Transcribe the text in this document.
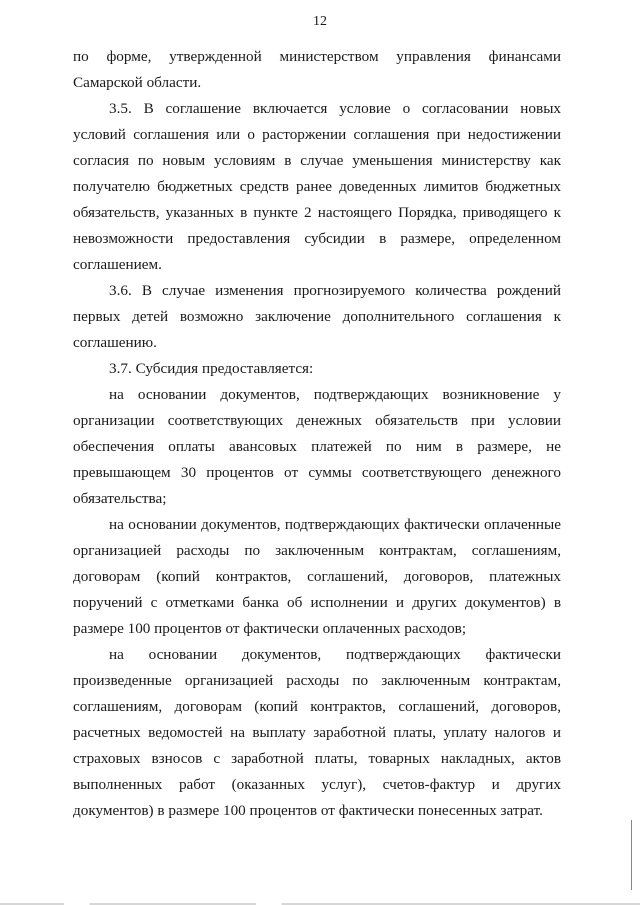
12

по форме, утвержденной министерством управления финансами Самарской области.

3.5. В соглашение включается условие о согласовании новых условий соглашения или о расторжении соглашения при недостижении согласия по новым условиям в случае уменьшения министерству как получателю бюджетных средств ранее доведенных лимитов бюджетных обязательств, указанных в пункте 2 настоящего Порядка, приводящего к невозможности предоставления субсидии в размере, определенном соглашением.

3.6. В случае изменения прогнозируемого количества рождений первых детей возможно заключение дополнительного соглашения к соглашению.

3.7. Субсидия предоставляется:

на основании документов, подтверждающих возникновение у организации соответствующих денежных обязательств при условии обеспечения оплаты авансовых платежей по ним в размере, не превышающем 30 процентов от суммы соответствующего денежного обязательства;

на основании документов, подтверждающих фактически оплаченные организацией расходы по заключенным контрактам, соглашениям, договорам (копий контрактов, соглашений, договоров, платежных поручений с отметками банка об исполнении и других документов) в размере 100 процентов от фактически оплаченных расходов;

на основании документов, подтверждающих фактически произведенные организацией расходы по заключенным контрактам, соглашениям, договорам (копий контрактов, соглашений, договоров, расчетных ведомостей на выплату заработной платы, уплату налогов и страховых взносов с заработной платы, товарных накладных, актов выполненных работ (оказанных услуг), счетов-фактур и других документов) в размере 100 процентов от фактически понесенных затрат.
